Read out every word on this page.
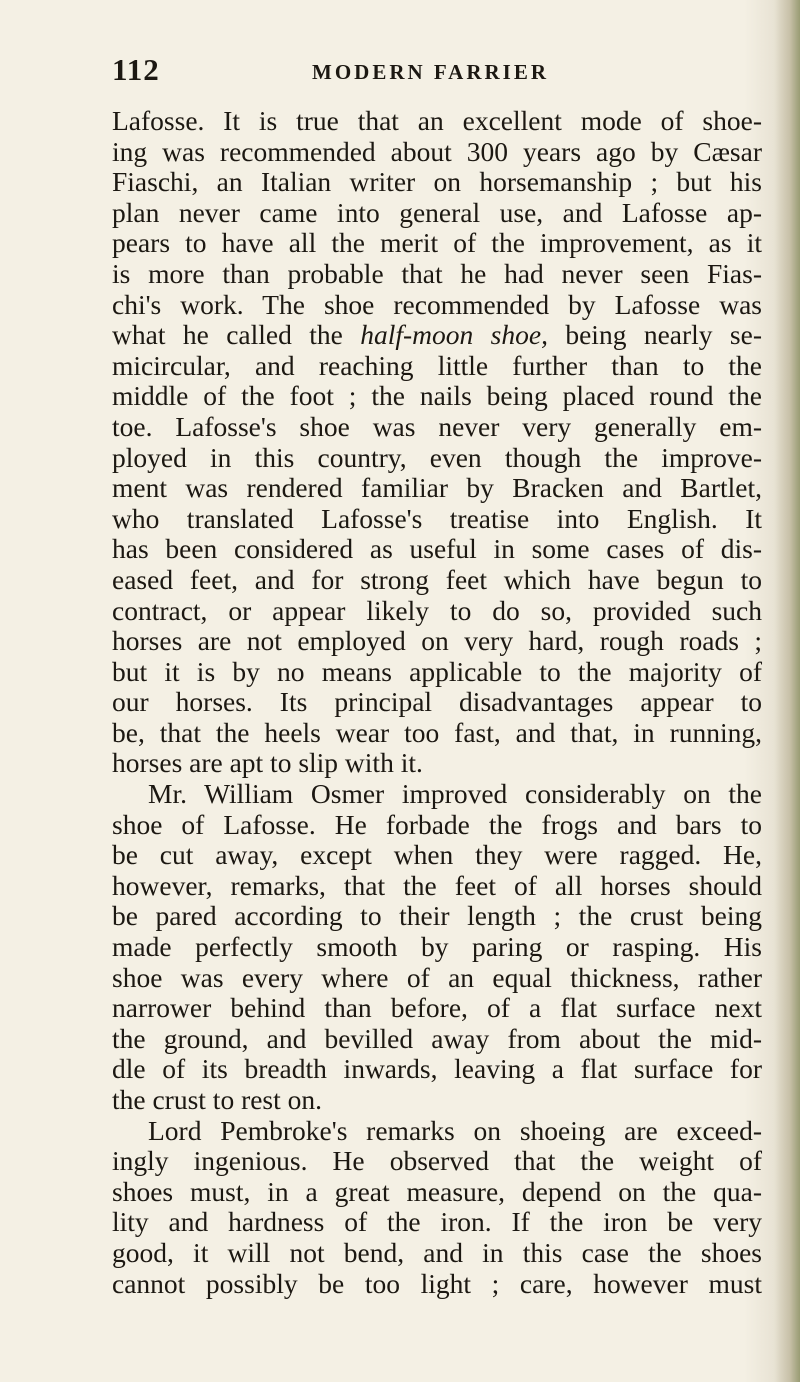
112	MODERN FARRIER
Lafosse. It is true that an excellent mode of shoe-
ing was recommended about 300 years ago by Cæsar
Fiaschi, an Italian writer on horsemanship ; but his
plan never came into general use, and Lafosse ap-
pears to have all the merit of the improvement, as it
is more than probable that he had never seen Fias-
chi's work. The shoe recommended by Lafosse was
what he called the half-moon shoe, being nearly se-
micircular, and reaching little further than to the
middle of the foot ; the nails being placed round the
toe. Lafosse's shoe was never very generally em-
ployed in this country, even though the improve-
ment was rendered familiar by Bracken and Bartlet,
who translated Lafosse's treatise into English. It
has been considered as useful in some cases of dis-
eased feet, and for strong feet which have begun to
contract, or appear likely to do so, provided such
horses are not employed on very hard, rough roads ;
but it is by no means applicable to the majority of
our horses. Its principal disadvantages appear to
be, that the heels wear too fast, and that, in running,
horses are apt to slip with it.
Mr. William Osmer improved considerably on the
shoe of Lafosse. He forbade the frogs and bars to
be cut away, except when they were ragged. He,
however, remarks, that the feet of all horses should
be pared according to their length ; the crust being
made perfectly smooth by paring or rasping. His
shoe was every where of an equal thickness, rather
narrower behind than before, of a flat surface next
the ground, and bevilled away from about the mid-
dle of its breadth inwards, leaving a flat surface for
the crust to rest on.
Lord Pembroke's remarks on shoeing are exceed-
ingly ingenious. He observed that the weight of
shoes must, in a great measure, depend on the qua-
lity and hardness of the iron. If the iron be very
good, it will not bend, and in this case the shoes
cannot possibly be too light ; care, however must
